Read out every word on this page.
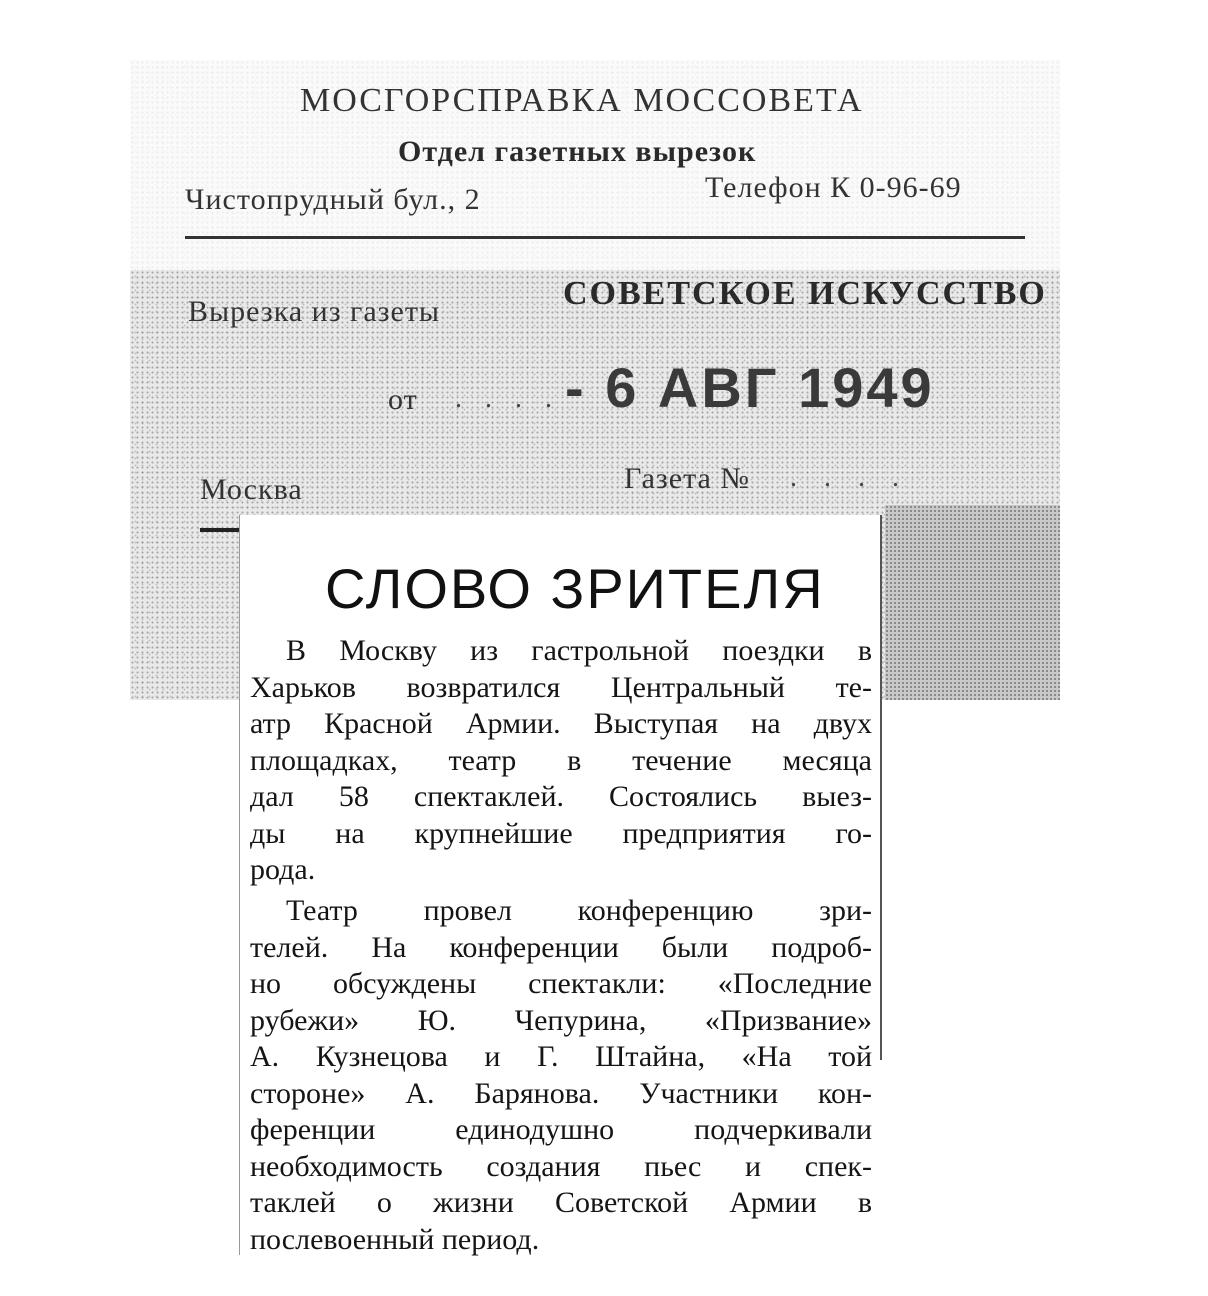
МОСГОРСПРАВКА МОССОВЕТА
Отдел газетных вырезок
Чистопрудный бул., 2	Телефон К 0-96-69
Вырезка из газеты	СОВЕТСКОЕ ИСКУССТВО
от . . . . - 6 АВГ 1949
Москва	Газета № . . . .
СЛОВО ЗРИТЕЛЯ
В Москву из гастрольной поездки в
Харьков возвратился Центральный те-
атр Красной Армии. Выступая на двух
площадках, театр в течение месяца
дал 58 спектаклей. Состоялись выез-
ды на крупнейшие предприятия го-
рода.
Театр провел конференцию зри-
телей. На конференции были подроб-
но обсуждены спектакли: «Последние
рубежи» Ю. Чепурина, «Призвание»
А. Кузнецова и Г. Штайна, «На той
стороне» А. Барянова. Участники кон-
ференции единодушно подчеркивали
необходимость создания пьес и спек-
таклей о жизни Советской Армии в
послевоенный период.
